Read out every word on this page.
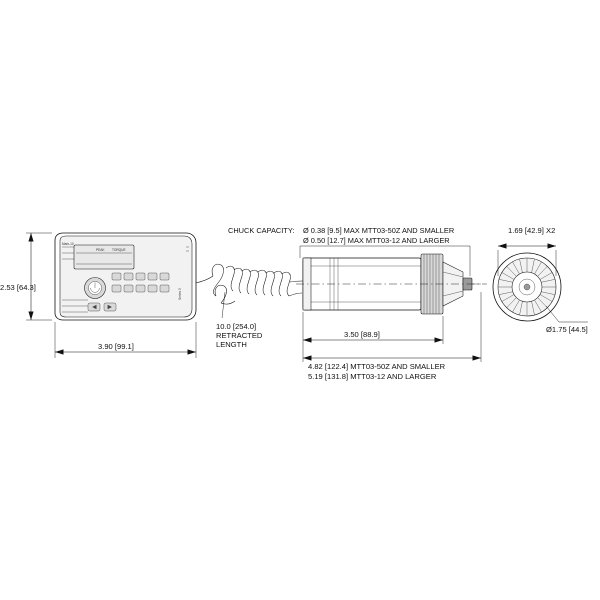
PEAK TORQUE
Series 3
Mark-10
2.53 [64.3]
3.90 [99.1]
10.0 [254.0]
RETRACTED
LENGTH
3.50 [88.9]
4.82 [122.4] MTT03-50Z AND SMALLER
5.19 [131.8] MTT03-12 AND LARGER
1.69 [42.9] X2
Ø1.75 [44.5]
CHUCK CAPACITY: Ø 0.38 [9.5] MAX MTT03-50Z AND SMALLER
Ø 0.50 [12.7] MAX MTT03-12 AND LARGER
